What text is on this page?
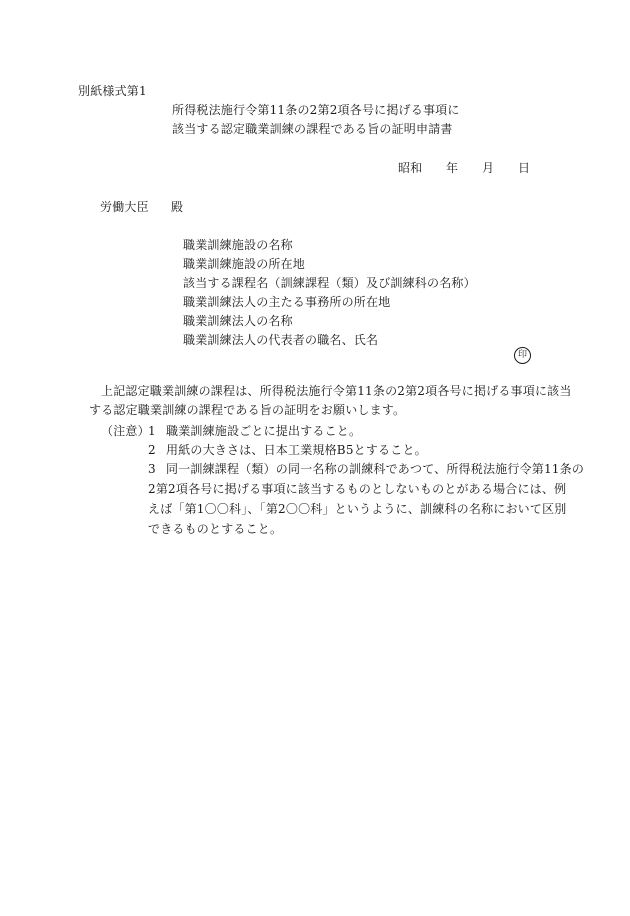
別紙様式第1
所得税法施行令第11条の2第2項各号に掲げる事項に
該当する認定職業訓練の課程である旨の証明申請書
昭和 年 月 日
労働大臣 殿
職業訓練施設の名称
職業訓練施設の所在地
該当する課程名（訓練課程（類）及び訓練科の名称）
職業訓練法人の主たる事務所の所在地
職業訓練法人の名称
職業訓練法人の代表者の職名、氏名
印
上記認定職業訓練の課程は、所得税法施行令第11条の2第2項各号に掲げる事項に該当
する認定職業訓練の課程である旨の証明をお願いします。
（注意）
1 職業訓練施設ごとに提出すること。
2 用紙の大きさは、日本工業規格B5とすること。
3 同一訓練課程（類）の同一名称の訓練科であつて、所得税法施行令第11条の
2第2項各号に掲げる事項に該当するものとしないものとがある場合には、例
えば「第1〇〇科」、「第2〇〇科」というように、訓練科の名称において区別
できるものとすること。
